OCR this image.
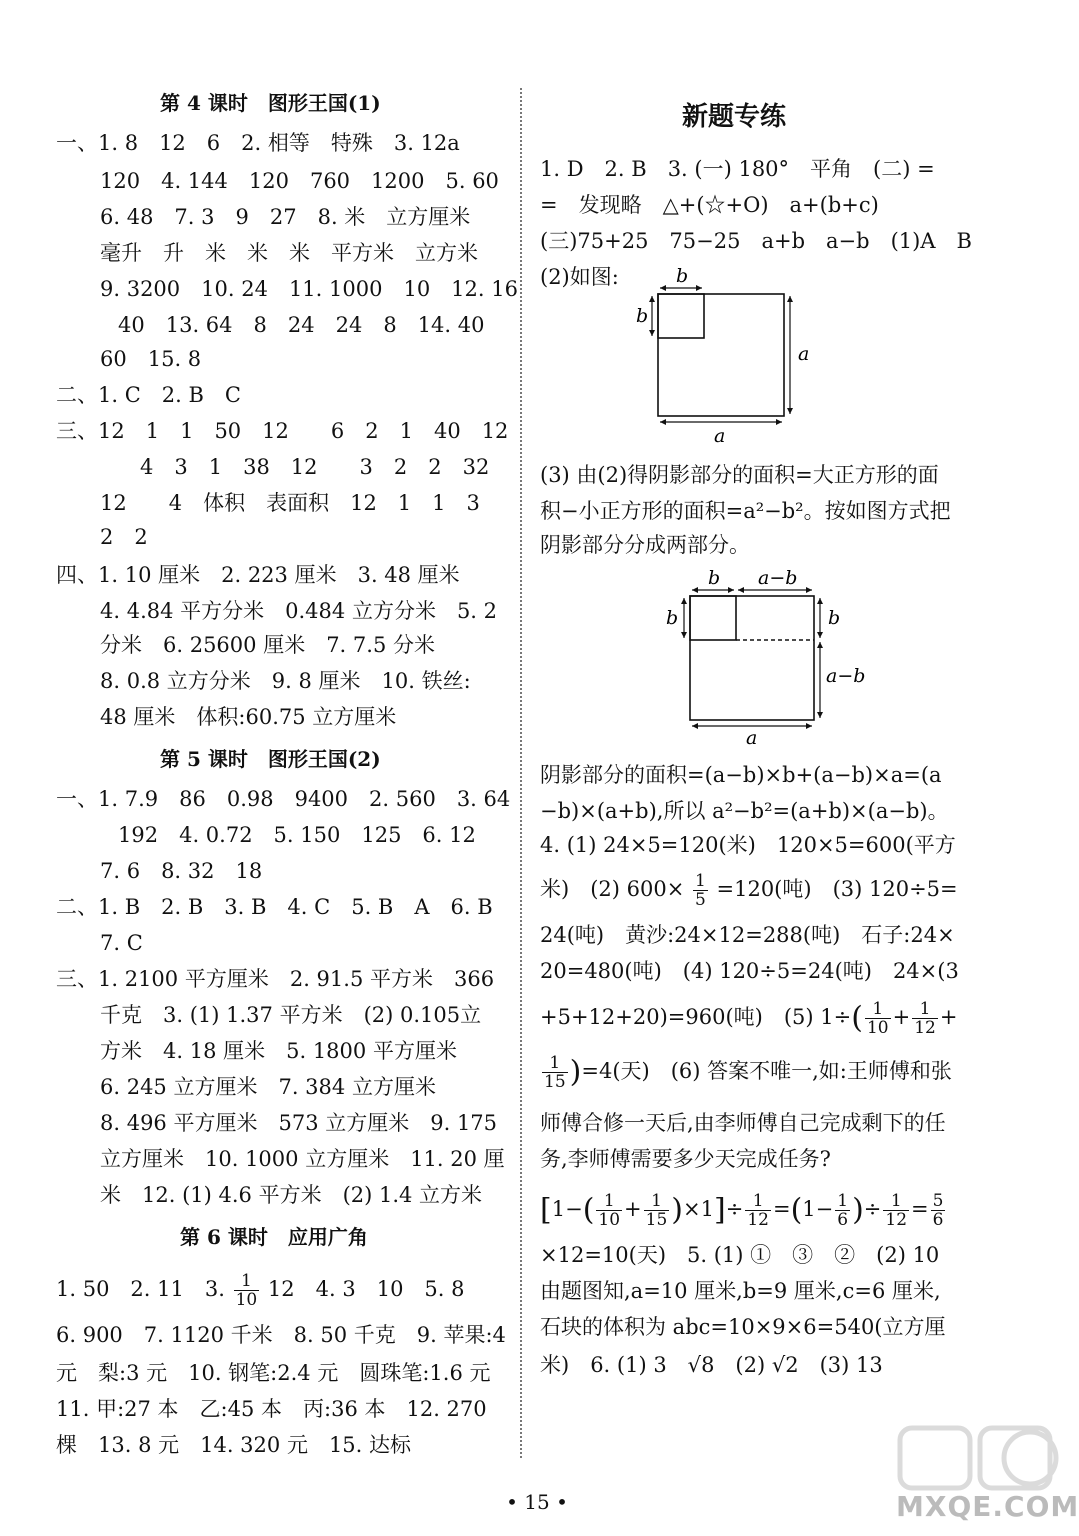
第 4 课时　图形王国(1)
一、1. 8　12　6　2. 相等　特殊　3. 12a
120　4. 144　120　760　1200　5. 60
6. 48　7. 3　9　27　8. 米　立方厘米
毫升　升　米　米　米　平方米　立方米
9. 3200　10. 24　11. 1000　10　12. 16
40　13. 64　8　24　24　8　14. 40
60　15. 8
二、1. C　2. B　C
三、12　1　1　50　12　　6　2　1　40　12
4　3　1　38　12　　3　2　2　32
12　　4　体积　表面积　12　1　1　3
2　2
四、1. 10 厘米　2. 223 厘米　3. 48 厘米
4. 4.84 平方分米　0.484 立方分米　5. 2
分米　6. 25600 厘米　7. 7.5 分米
8. 0.8 立方分米　9. 8 厘米　10. 铁丝:
48 厘米　体积:60.75 立方厘米
第 5 课时　图形王国(2)
一、1. 7.9　86　0.98　9400　2. 560　3. 64
192　4. 0.72　5. 150　125　6. 12
7. 6　8. 32　18
二、1. B　2. B　3. B　4. C　5. B　A　6. B
7. C
三、1. 2100 平方厘米　2. 91.5 平方米　366
千克　3. (1) 1.37 平方米　(2) 0.105立
方米　4. 18 厘米　5. 1800 平方厘米
6. 245 立方厘米　7. 384 立方厘米
8. 496 平方厘米　573 立方厘米　9. 175
立方厘米　10. 1000 立方厘米　11. 20 厘
米　12. (1) 4.6 平方米　(2) 1.4 立方米
第 6 课时　应用广角
1. 50　2. 11　3. $\frac{1}{10} 12$　4. 3　10　5. 8
6. 900　7. 1120 千米　8. 50 千克　9. 苹果:4
元　梨:3 元　10. 钢笔:2.4 元　圆珠笔:1.6 元
11. 甲:27 本　乙:45 本　丙:36 本　12. 270
棵　13. 8 元　14. 320 元　15. 达标
新题专练
1. D　2. B　3. (一) 180°　平角　(二) =
=　发现略　△+(☆+O)　a+(b+c)
(三)75+25　75−25　a+b　a−b　(1)A　B
(2)如图:	b
b
a
a
(3) 由(2)得阴影部分的面积=大正方形的面
积−小正方形的面积=a²−b²。按如图方式把
阴影部分分成两部分。
b a−b
b	b
a−b
a
阴影部分的面积=(a−b)×b+(a−b)×a=(a
−b)×(a+b),所以 a²−b²=(a+b)×(a−b)。
4. (1) 24×5=120(米)　120×5=600(平方
米)　(2) $600\times \frac{1}{5} =120$(吨)　(3) 120÷5=
24(吨)　黄沙:24×12=288(吨)　石子:24×
20=480(吨)　(4) 120÷5=24(吨)　24×(3
+5+12+20)=960(吨)　(5) $1\div( \frac{1}{10} + \frac{1}{12}$ +
$\frac{1}{15} )=4$(天)　(6) 答案不唯一,如:王师傅和张
师傅合修一天后,由李师傅自己完成剩下的任
务,李师傅需要多少天完成任务?
$[1-( \frac{1}{10} + \frac{1}{15} )\times 1]\div \frac{1}{12} =(1- \frac{1}{6}$ )÷ $\frac{1}{12} = \frac{5}{6}$
×12=10(天)　5. (1) ①　③　②　(2) 10
由题图知,a=10 厘米,b=9 厘米,c=6 厘米,
石块的体积为 abc=10×9×6=540(立方厘
米)　6. (1) 3　√8　(2) √2　(3) 13
• 15 •	MXQE.COM
